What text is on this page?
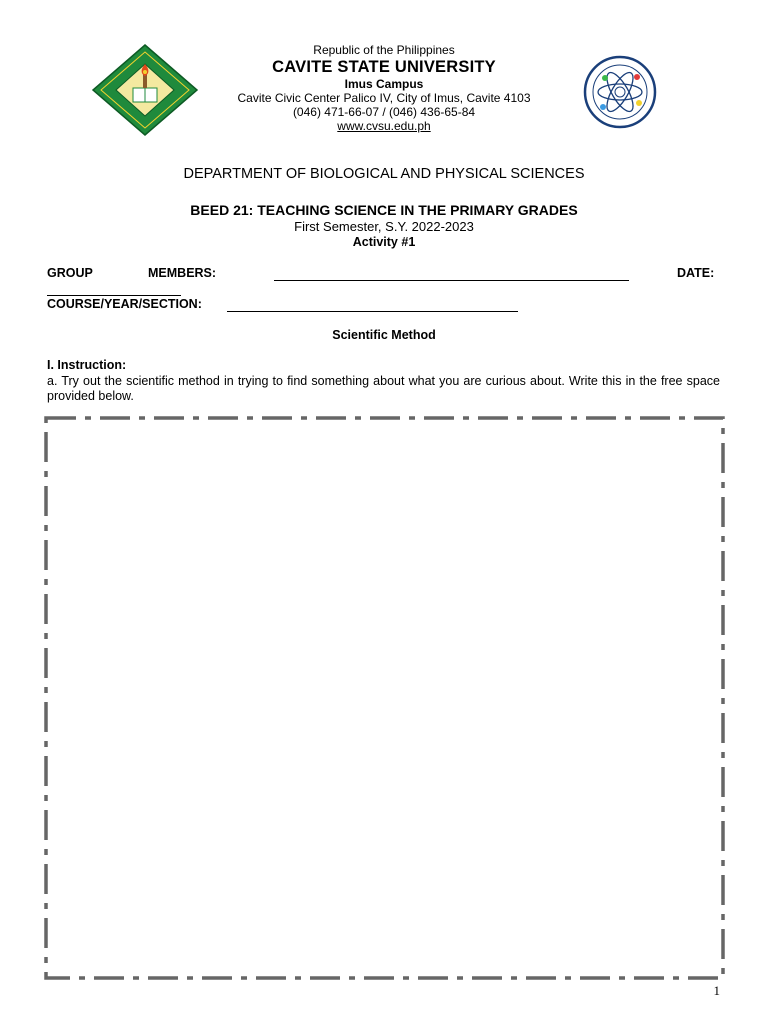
Republic of the Philippines
CAVITE STATE UNIVERSITY
Imus Campus
Cavite Civic Center Palico IV, City of Imus, Cavite 4103
(046) 471-66-07 / (046) 436-65-84
www.cvsu.edu.ph
DEPARTMENT OF BIOLOGICAL AND PHYSICAL SCIENCES
BEED 21: TEACHING SCIENCE IN THE PRIMARY GRADES
First Semester, S.Y. 2022-2023
Activity #1
GROUP	MEMBERS:	DATE:
COURSE/YEAR/SECTION:
Scientific Method
I. Instruction:
a. Try out the scientific method in trying to find something about what you are curious about. Write this in the free space provided below.
1
